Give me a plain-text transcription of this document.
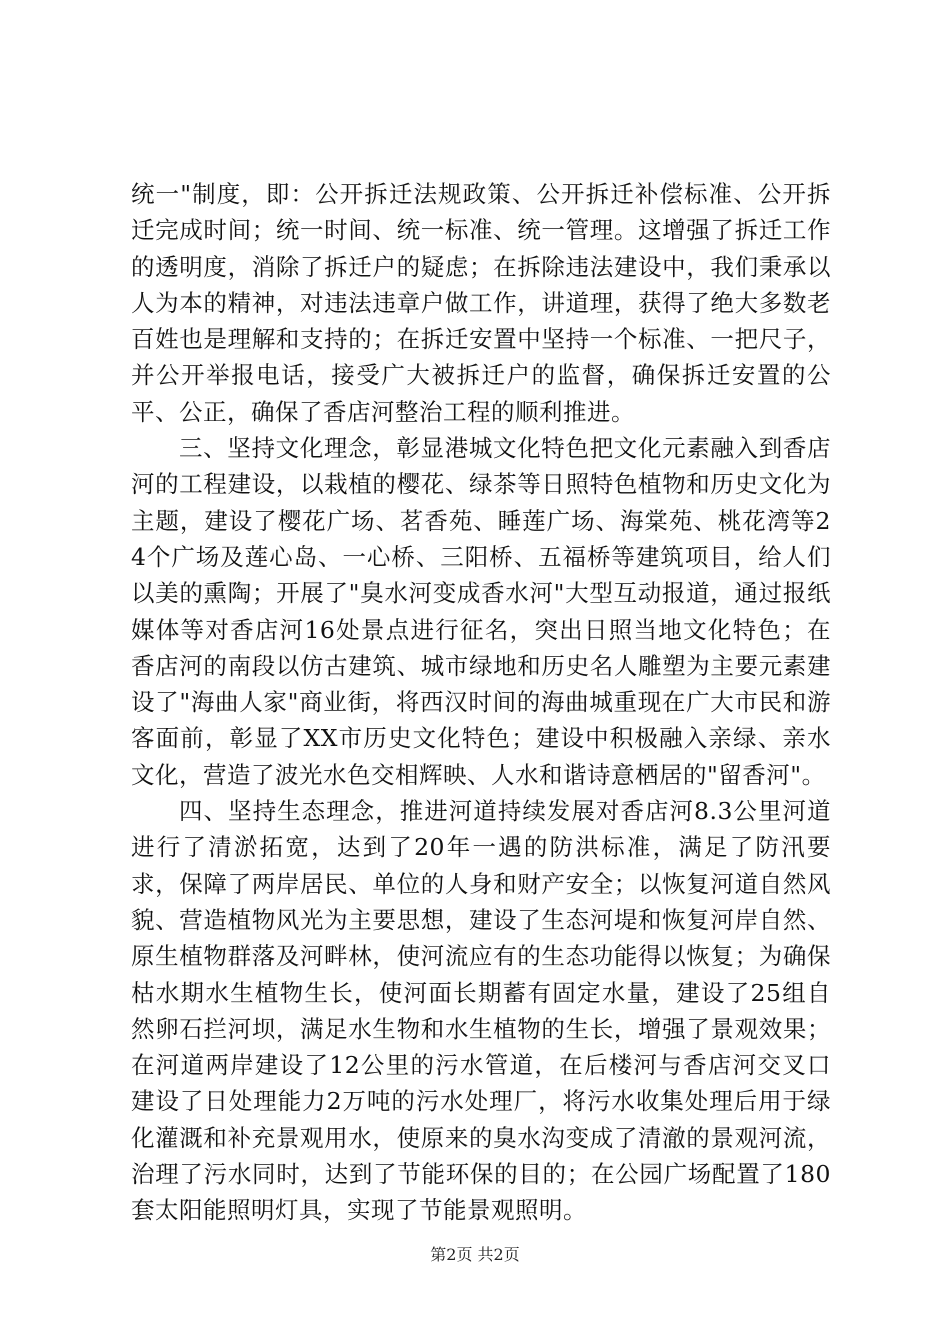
统一"制度，即：公开拆迁法规政策、公开拆迁补偿标准、公开拆迁完成时间；统一时间、统一标准、统一管理。这增强了拆迁工作的透明度，消除了拆迁户的疑虑；在拆除违法建设中，我们秉承以人为本的精神，对违法违章户做工作，讲道理，获得了绝大多数老百姓也是理解和支持的；在拆迁安置中坚持一个标准、一把尺子，并公开举报电话，接受广大被拆迁户的监督，确保拆迁安置的公平、公正，确保了香店河整治工程的顺利推进。

三、坚持文化理念，彰显港城文化特色把文化元素融入到香店河的工程建设，以栽植的樱花、绿茶等日照特色植物和历史文化为主题，建设了樱花广场、茗香苑、睡莲广场、海棠苑、桃花湾等24个广场及莲心岛、一心桥、三阳桥、五福桥等建筑项目，给人们以美的熏陶；开展了"臭水河变成香水河"大型互动报道，通过报纸媒体等对香店河16处景点进行征名，突出日照当地文化特色；在香店河的南段以仿古建筑、城市绿地和历史名人雕塑为主要元素建设了"海曲人家"商业街，将西汉时间的海曲城重现在广大市民和游客面前，彰显了XX市历史文化特色；建设中积极融入亲绿、亲水文化，营造了波光水色交相辉映、人水和谐诗意栖居的"留香河"。

四、坚持生态理念，推进河道持续发展对香店河8.3公里河道进行了清淤拓宽，达到了20年一遇的防洪标准，满足了防汛要求，保障了两岸居民、单位的人身和财产安全；以恢复河道自然风貌、营造植物风光为主要思想，建设了生态河堤和恢复河岸自然、原生植物群落及河畔林，使河流应有的生态功能得以恢复；为确保枯水期水生植物生长，使河面长期蓄有固定水量，建设了25组自然卵石拦河坝，满足水生物和水生植物的生长，增强了景观效果；在河道两岸建设了12公里的污水管道，在后楼河与香店河交叉口建设了日处理能力2万吨的污水处理厂，将污水收集处理后用于绿化灌溉和补充景观用水，使原来的臭水沟变成了清澈的景观河流，治理了污水同时，达到了节能环保的目的；在公园广场配置了180套太阳能照明灯具，实现了节能景观照明。

第2页 共2页
